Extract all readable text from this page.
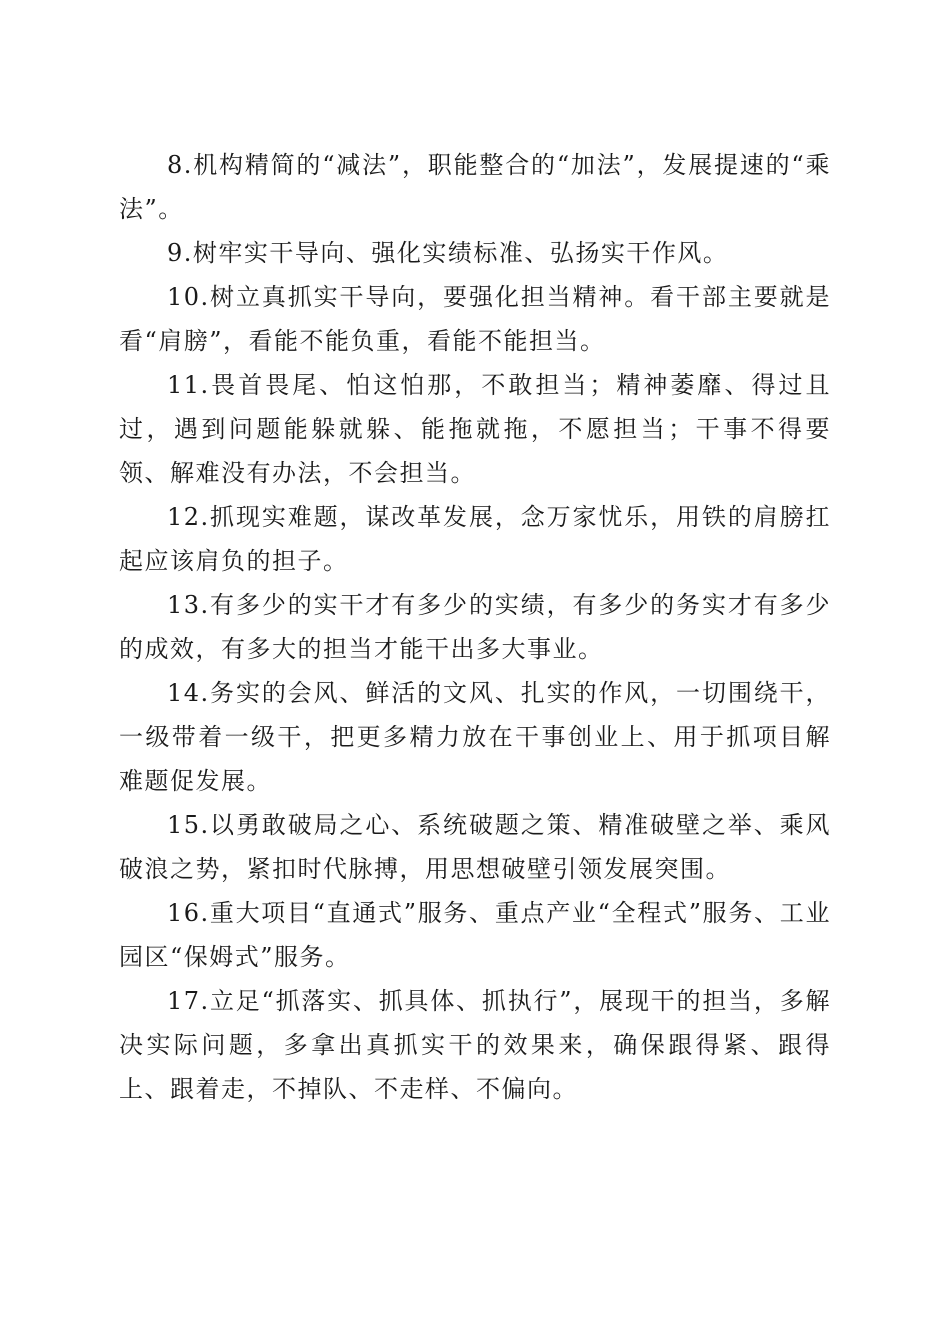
8.机构精简的“减法”，职能整合的“加法”，发展提速的“乘法”。

9.树牢实干导向、强化实绩标准、弘扬实干作风。

10.树立真抓实干导向，要强化担当精神。看干部主要就是看“肩膀”，看能不能负重，看能不能担当。

11.畏首畏尾、怕这怕那，不敢担当；精神萎靡、得过且过，遇到问题能躲就躲、能拖就拖，不愿担当；干事不得要领、解难没有办法，不会担当。

12.抓现实难题，谋改革发展，念万家忧乐，用铁的肩膀扛起应该肩负的担子。

13.有多少的实干才有多少的实绩，有多少的务实才有多少的成效，有多大的担当才能干出多大事业。

14.务实的会风、鲜活的文风、扎实的作风，一切围绕干，一级带着一级干，把更多精力放在干事创业上、用于抓项目解难题促发展。

15.以勇敢破局之心、系统破题之策、精准破壁之举、乘风破浪之势，紧扣时代脉搏，用思想破壁引领发展突围。

16.重大项目“直通式”服务、重点产业“全程式”服务、工业园区“保姆式”服务。

17.立足“抓落实、抓具体、抓执行”，展现干的担当，多解决实际问题，多拿出真抓实干的效果来，确保跟得紧、跟得上、跟着走，不掉队、不走样、不偏向。
